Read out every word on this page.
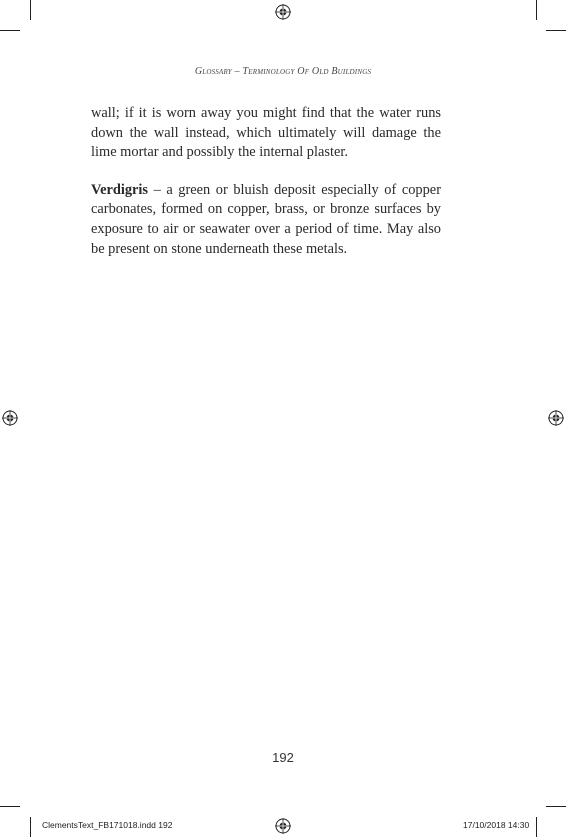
Glossary – Terminology Of Old Buildings

wall; if it is worn away you might find that the water runs down the wall instead, which ultimately will damage the lime mortar and possibly the internal plaster.

Verdigris – a green or bluish deposit especially of copper carbonates, formed on copper, brass, or bronze surfaces by exposure to air or seawater over a period of time. May also be present on stone underneath these metals.

192
ClementsText_FB171018.indd 192	17/10/2018 14:30
